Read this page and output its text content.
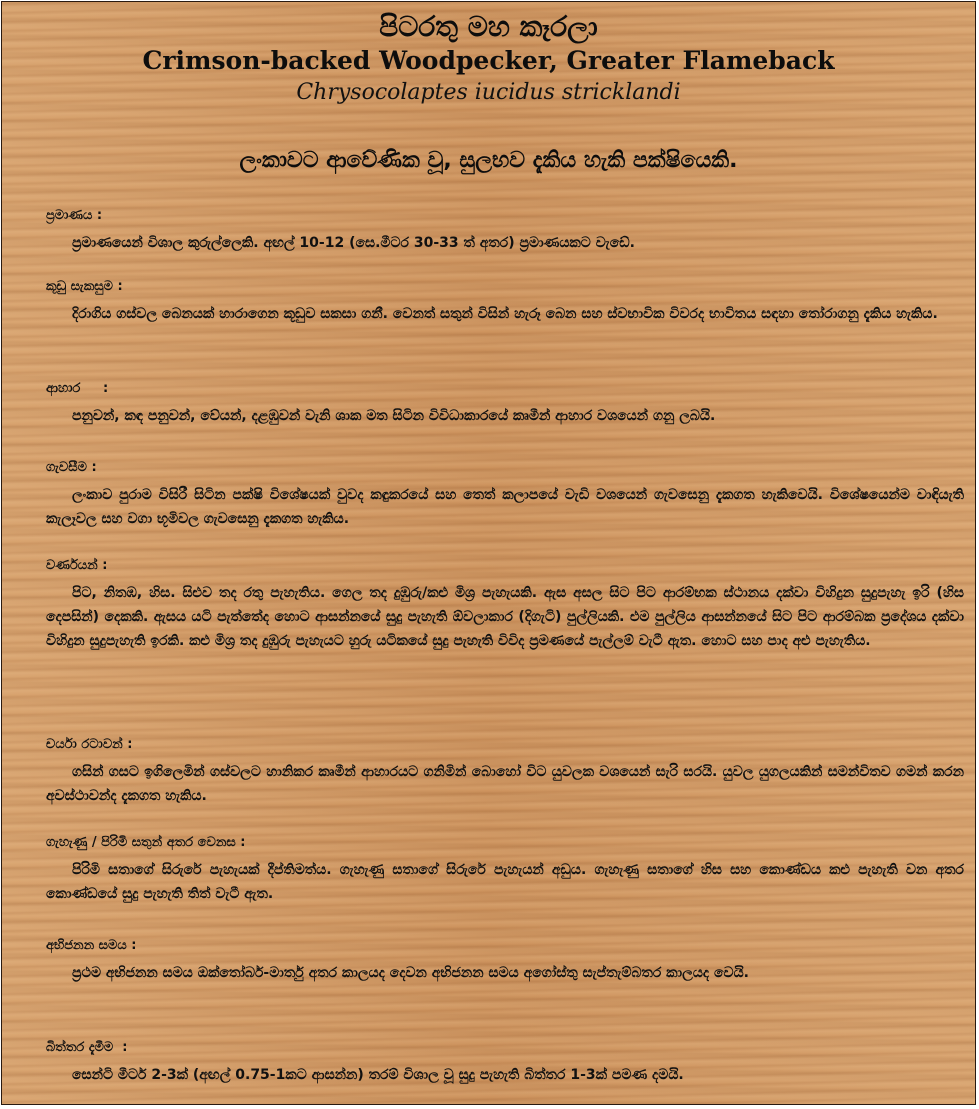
පිටරතු මහ කෑරලා
Crimson-backed Woodpecker, Greater Flameback
Chrysocolaptes iucidus stricklandi
ලංකාවට ආවේණික වූ, සුලභව දැකිය හැකි පක්ෂියෙකි.
ප්‍රමාණය :
ප්‍රමාණයෙන් විශාල කුරුල්ලෙකි. අඟල් 10-12 (සෙ.මීටර 30-33 ත් අතර) ප්‍රමාණයකට වැඩේ.
කූඩු සැකසුම :
දිරාගිය ගස්වල බෙනයක් හාරාගෙන කූඩුව සකසා ගනී. වෙනත් සතුන් විසින් හැරූ බෙන සහ ස්වභාවික විවරද භාවිතය සඳහා තෝරාගනු දැකිය හැකිය.
ආහාර     :
පනුවන්, කඳ පනුවන්, වේයන්, දළඹුවන් වැනි ශාක මත සිටින විවිධාකාරයේ කෘමීන් ආහාර වශයෙන් ගනු ලබයි.
ගැවසීම :
ලංකාව පුරාම විසිරී සිටින පක්ෂි විශේෂයක් වුවද කඳුකරයේ සහ තෙත් කලාපයේ වැඩි වශයෙන් ගැවසෙනු දැකගත හැකිවෙයි. විශේෂයෙන්ම වාඳියැති කැලෑවල සහ වගා භූමිවල ගැවසෙනු දැකගත හැකිය.
වර්ණයන් :
පිට, නිතඹ, හිස. සිළුව තද රතු පැහැතිය. ගෙල තද දුඹුරු/කළු මිශ්‍ර පැහැයකි. ඇස අසල සිට පිට ආරම්භක ස්ථානය දක්වා විහිදුන සුදුපැහැ ඉරි (හිස දෙපසින්) දෙකකි. ඇසය යටි පැත්තේද හොට ආසන්නයේ සුදු පැහැති ඕවලාකාර (දිගැටි) පුල්ලියකි. එම පුල්ලිය ආසන්නයේ සිට පිට ආරම්බක ප්‍රදේශය දක්වා විහිදුන සුදුපැහැති ඉරකි. කළු මිශ්‍ර තද දුඹුරු පැහැයට හුරු යටිකයේ සුදු පැහැති විවිද ප්‍රමණයේ පැල්ලම් වැටී ඇත. හොට සහ පාද අළු පැහැතිය.
චර්යා රටාවන් :
ගසින් ගසට ඉගිලෙමින් ගස්වලට හානිකර කෘමීන් ආහාරයට ගනිමින් බොහෝ විට යුවලක වශයෙන් සැරි සරයි. යුවල යුගලයකින් සමන්විතව ගමන් කරන අවස්ථාවන්ද දැකගත හැකිය.
ගැහැණු / පිරිමි සතුන් අතර වෙනස :
පිරිමි සතාගේ සිරුරේ පැහැයක් දීප්තිමත්ය. ගැහැණු සතාගේ සිරුරේ පැහැයන් අඩුය. ගැහැණු සතාගේ හිස සහ කොණ්ඩය කළු පැහැති වන අතර කොණ්ඩයේ සුදු පැහැති තිත් වැටී ඇත.
අභිජනන සමය :
ප්‍රථම අභිජනන සමය ඔක්තෝබර්-මාර්තු අතර කාලයද දෙවන අභිජනන සමය අගෝස්තු සැප්තැම්බතර කාලයද වෙයි.
බිත්තර දැමීම  :
සෙන්ටි මීටර් 2-3ක් (අඟල් 0.75-1කට ආසන්න) තරම් විශාල වූ සුදු පැහැති බිත්තර 1-3ක් පමණ දමයි.
